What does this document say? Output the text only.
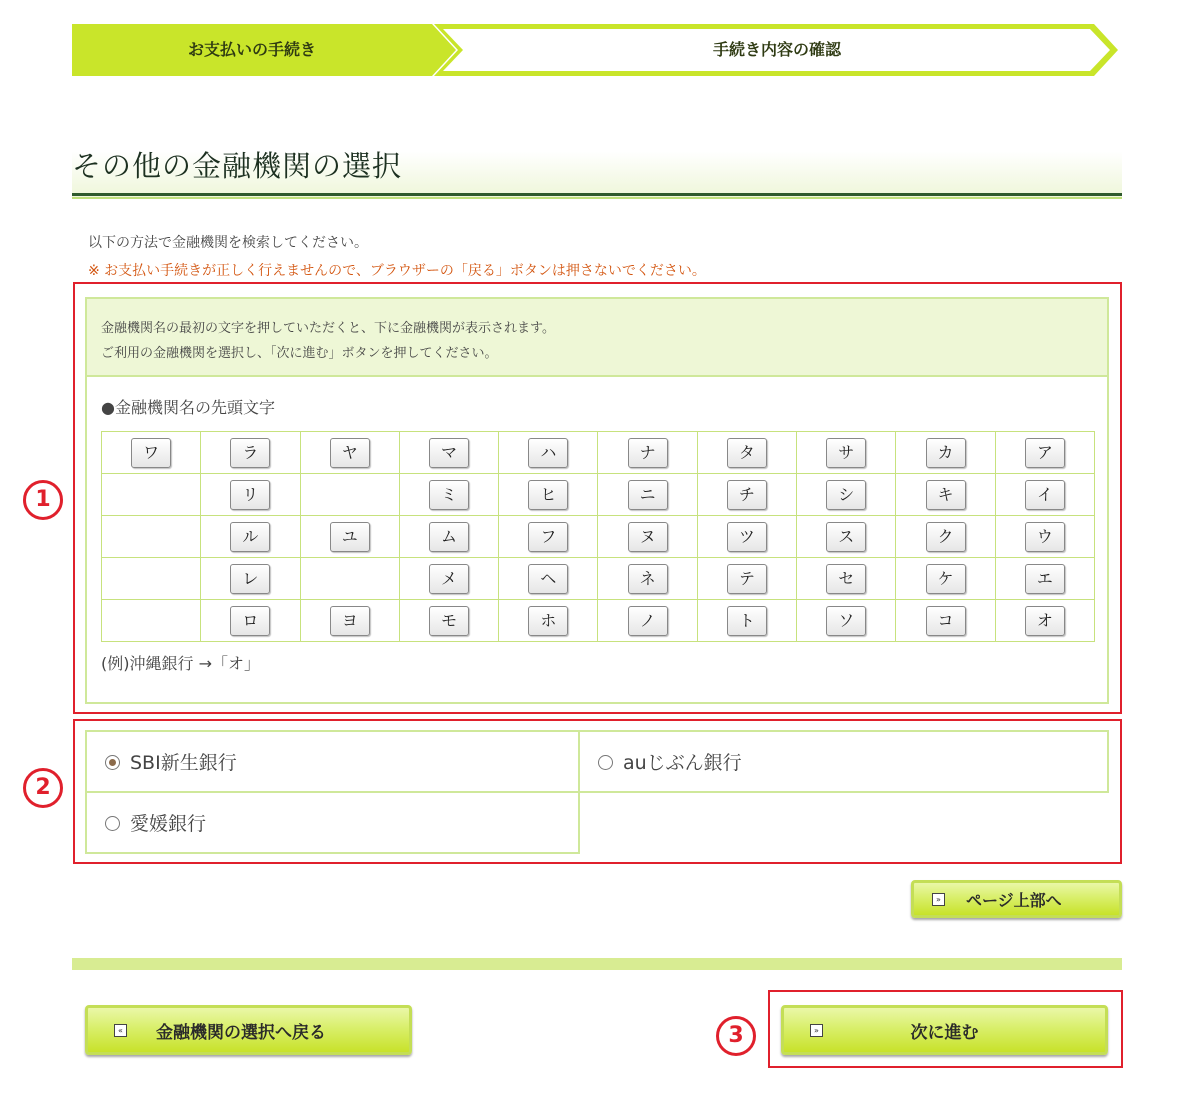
お支払いの手続き	手続き内容の確認
その他の金融機関の選択
以下の方法で金融機関を検索してください。
※ お支払い手続きが正しく行えませんので、ブラウザーの「戻る」ボタンは押さないでください。
金融機関名の最初の文字を押していただくと、下に金融機関が表示されます。
ご利用の金融機関を選択し、「次に進む」ボタンを押してください。
●金融機関名の先頭文字
ワ	ラ	ヤ	マ	ハ	ナ	タ	サ	カ	ア
	リ		ミ	ヒ	ニ	チ	シ	キ	イ
	ル	ユ	ム	フ	ヌ	ツ	ス	ク	ウ
	レ		メ	ヘ	ネ	テ	セ	ケ	エ
	ロ	ヨ	モ	ホ	ノ	ト	ソ	コ	オ
(例)沖縄銀行 →「オ」
SBI新生銀行	auじぶん銀行
愛媛銀行
» ページ上部へ
« 金融機関の選択へ戻る	»	次に進む
1
2
3
